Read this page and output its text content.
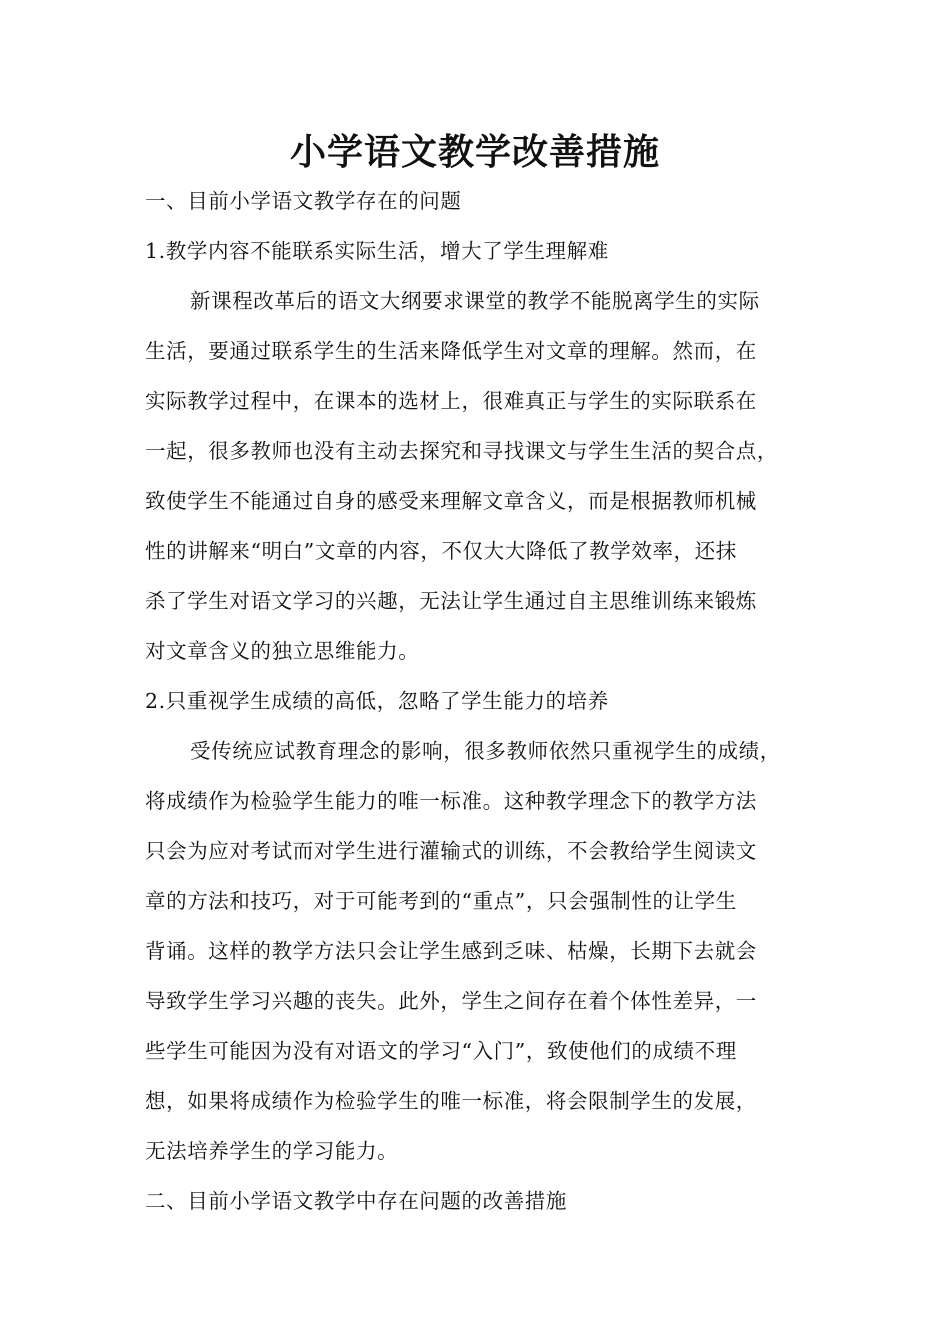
小学语文教学改善措施
一、目前小学语文教学存在的问题
1.教学内容不能联系实际生活，增大了学生理解难
新课程改革后的语文大纲要求课堂的教学不能脱离学生的实际
生活，要通过联系学生的生活来降低学生对文章的理解。然而，在
实际教学过程中，在课本的选材上，很难真正与学生的实际联系在
一起，很多教师也没有主动去探究和寻找课文与学生生活的契合点，
致使学生不能通过自身的感受来理解文章含义，而是根据教师机械
性的讲解来“明白”文章的内容，不仅大大降低了教学效率，还抹
杀了学生对语文学习的兴趣，无法让学生通过自主思维训练来锻炼
对文章含义的独立思维能力。
2.只重视学生成绩的高低，忽略了学生能力的培养
受传统应试教育理念的影响，很多教师依然只重视学生的成绩，
将成绩作为检验学生能力的唯一标准。这种教学理念下的教学方法
只会为应对考试而对学生进行灌输式的训练，不会教给学生阅读文
章的方法和技巧，对于可能考到的“重点”，只会强制性的让学生
背诵。这样的教学方法只会让学生感到乏味、枯燥，长期下去就会
导致学生学习兴趣的丧失。此外，学生之间存在着个体性差异，一
些学生可能因为没有对语文的学习“入门”，致使他们的成绩不理
想，如果将成绩作为检验学生的唯一标准，将会限制学生的发展，
无法培养学生的学习能力。
二、目前小学语文教学中存在问题的改善措施
